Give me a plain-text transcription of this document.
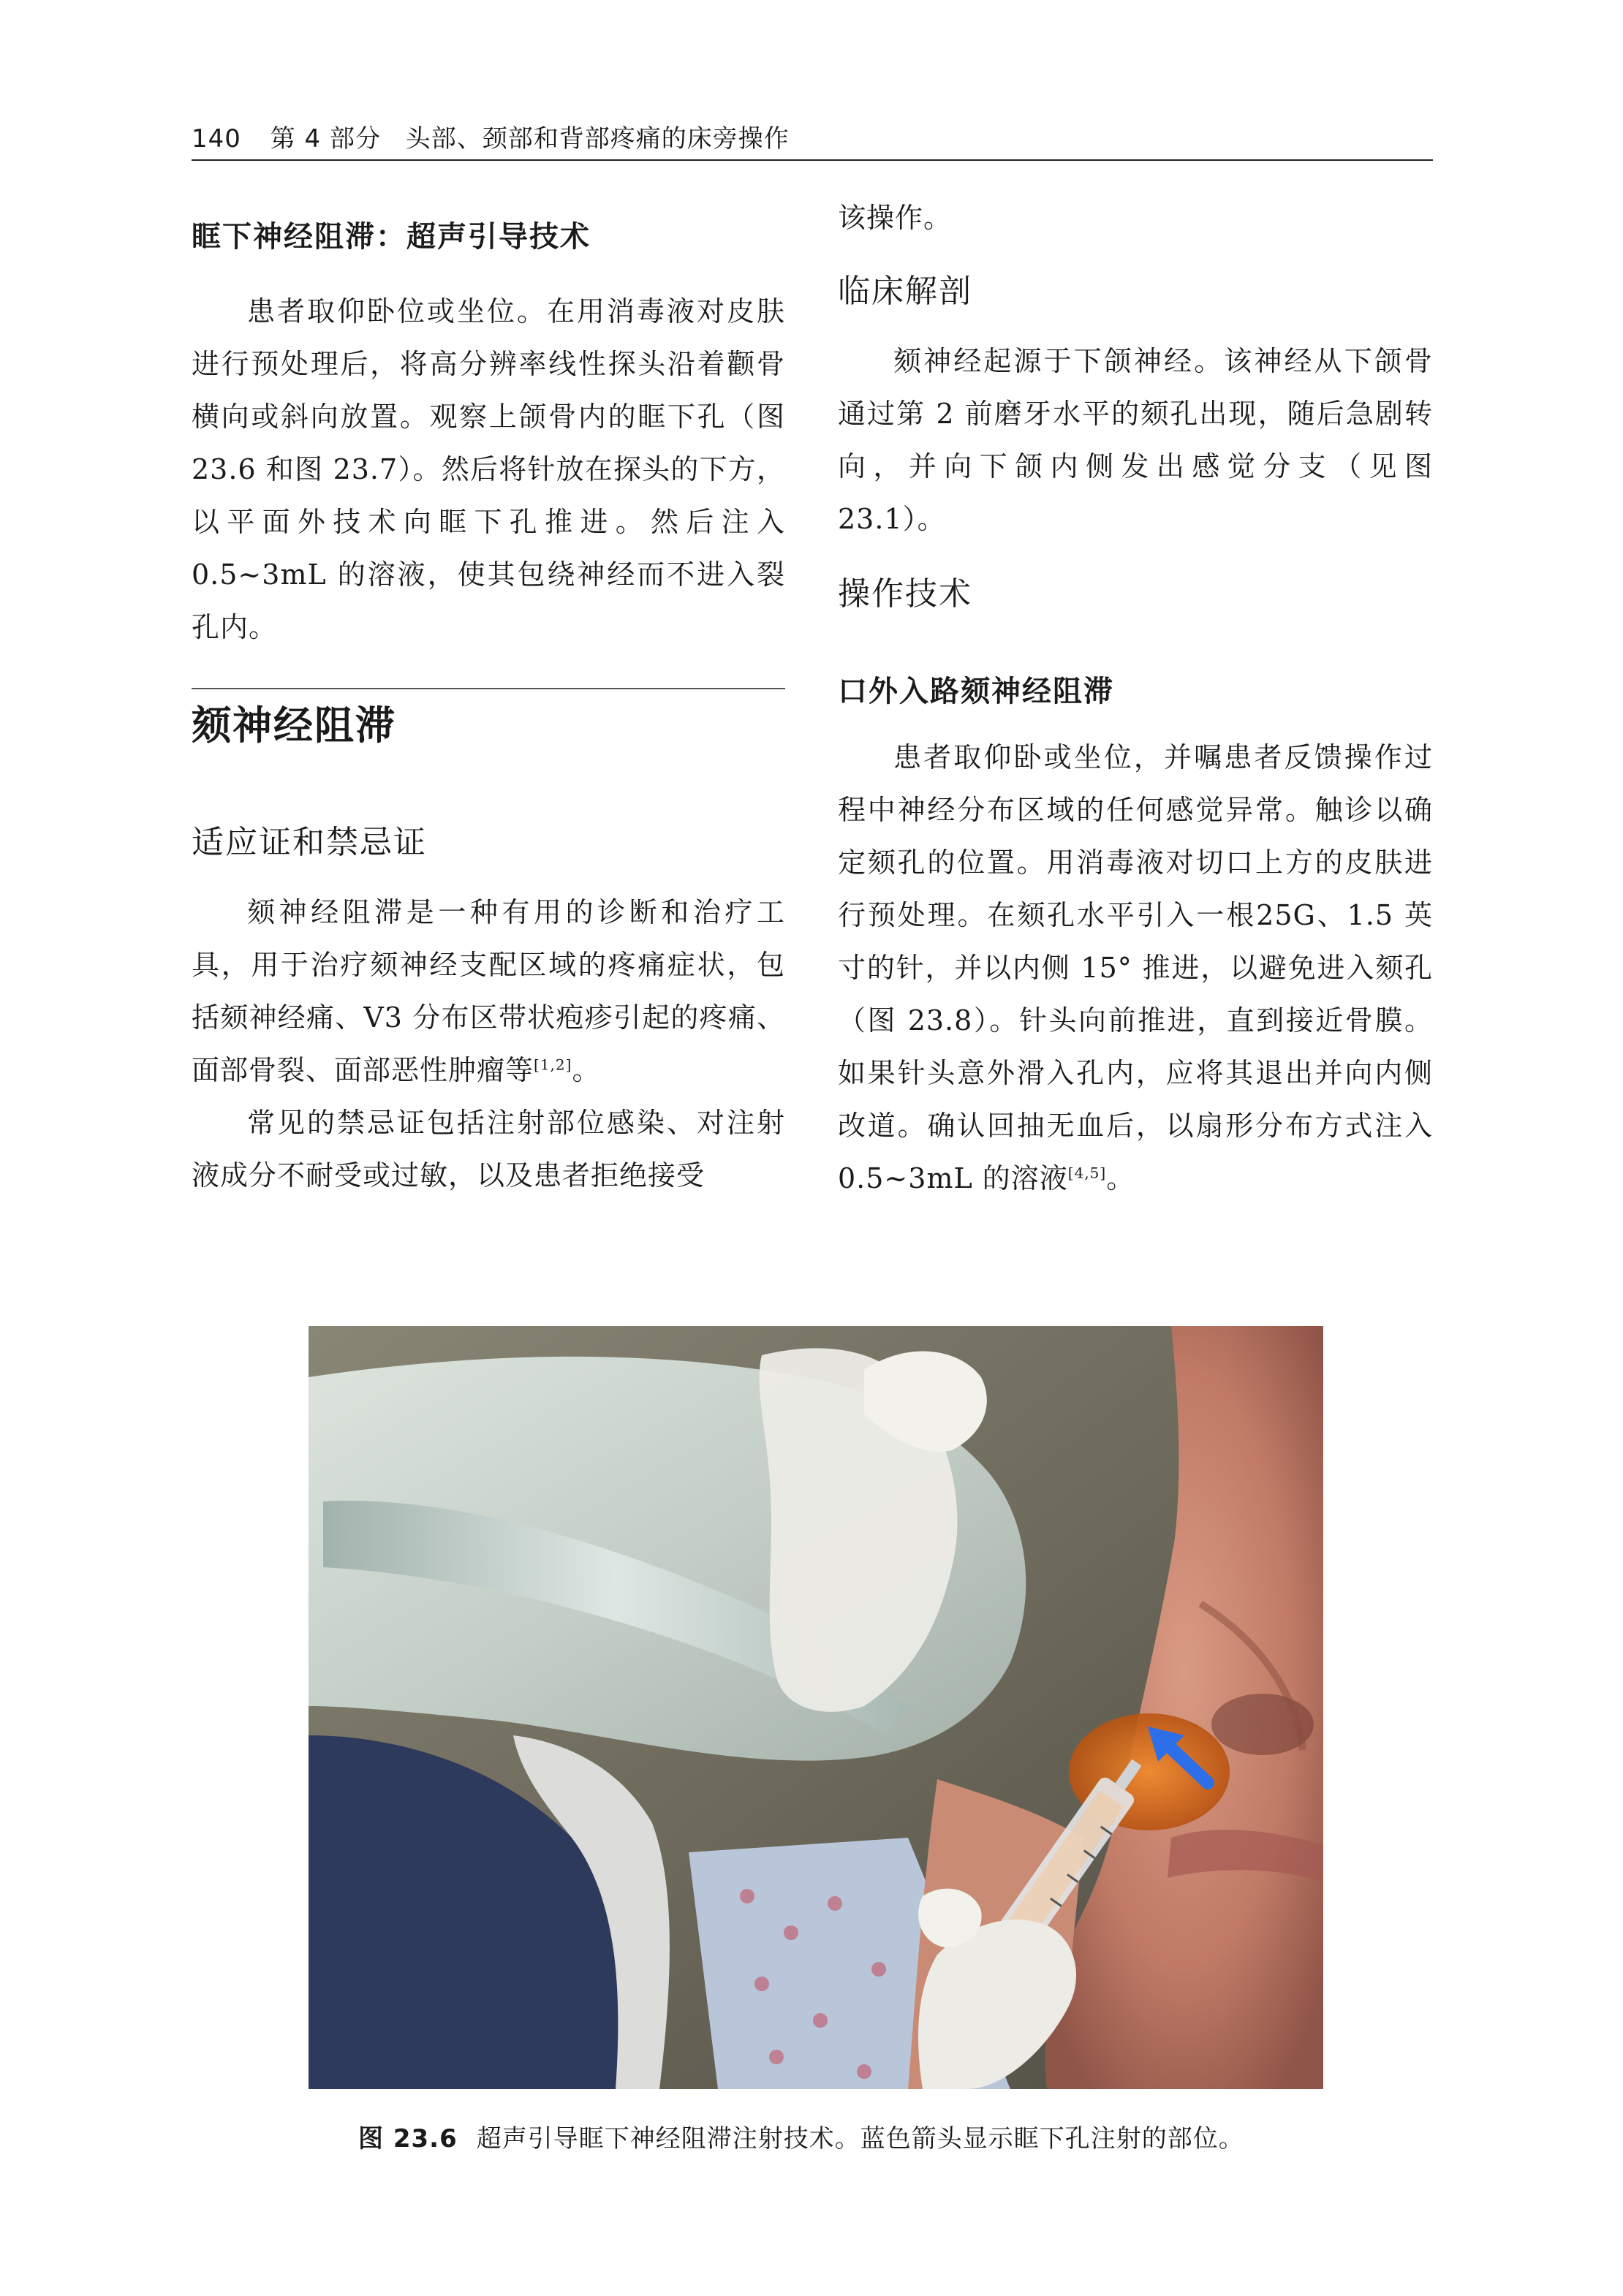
140 第 4 部分 头部、颈部和背部疼痛的床旁操作
眶下神经阻滞：超声引导技术
患者取仰卧位或坐位。在用消毒液对皮肤进行预处理后，将高分辨率线性探头沿着颧骨横向或斜向放置。观察上颌骨内的眶下孔（图 23.6 和图 23.7）。然后将针放在探头的下方，以平面外技术向眶下孔推进。然后注入 0.5~3mL 的溶液，使其包绕神经而不进入裂孔内。
颏神经阻滞
适应证和禁忌证
颏神经阻滞是一种有用的诊断和治疗工具，用于治疗颏神经支配区域的疼痛症状，包括颏神经痛、V3 分布区带状疱疹引起的疼痛、面部骨裂、面部恶性肿瘤等[1,2]。
常见的禁忌证包括注射部位感染、对注射液成分不耐受或过敏，以及患者拒绝接受
该操作。
临床解剖
颏神经起源于下颌神经。该神经从下颌骨通过第 2 前磨牙水平的颏孔出现，随后急剧转向，并向下颌内侧发出感觉分支（见图 23.1）。
操作技术
口外入路颏神经阻滞
患者取仰卧或坐位，并嘱患者反馈操作过程中神经分布区域的任何感觉异常。触诊以确定颏孔的位置。用消毒液对切口上方的皮肤进行预处理。在颏孔水平引入一根25G、1.5 英寸的针，并以内侧 15° 推进，以避免进入颏孔（图 23.8）。针头向前推进，直到接近骨膜。如果针头意外滑入孔内，应将其退出并向内侧改道。确认回抽无血后，以扇形分布方式注入 0.5~3mL 的溶液[4,5]。
图 23.6 超声引导眶下神经阻滞注射技术。蓝色箭头显示眶下孔注射的部位。
